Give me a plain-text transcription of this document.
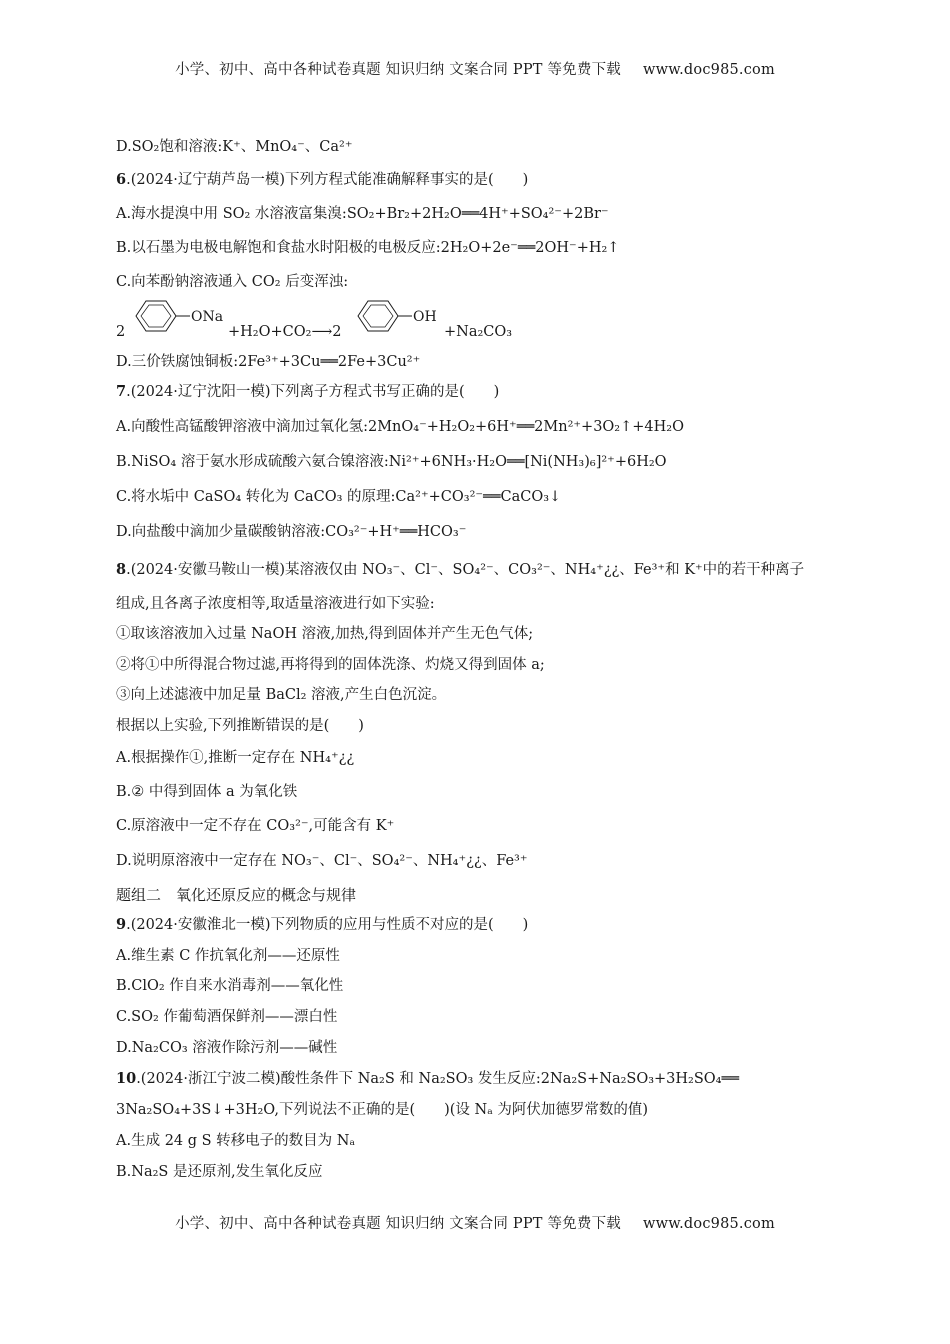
小学、初中、高中各种试卷真题 知识归纳 文案合同 PPT 等免费下载 www.doc985.com
D.SO₂饱和溶液:K⁺、MnO₄⁻、Ca²⁺
6.(2024·辽宁葫芦岛一模)下列方程式能准确解释事实的是(　　)
A.海水提溴中用 SO₂ 水溶液富集溴:SO₂+Br₂+2H₂O══4H⁺+SO₄²⁻+2Br⁻
B.以石墨为电极电解饱和食盐水时阳极的电极反应:2H₂O+2e⁻══2OH⁻+H₂↑
C.向苯酚钠溶液通入 CO₂ 后变浑浊:
2
ONa
+H₂O+CO₂⟶2
OH
+Na₂CO₃
D.三价铁腐蚀铜板:2Fe³⁺+3Cu══2Fe+3Cu²⁺
7.(2024·辽宁沈阳一模)下列离子方程式书写正确的是(　　)
A.向酸性高锰酸钾溶液中滴加过氧化氢:2MnO₄⁻+H₂O₂+6H⁺══2Mn²⁺+3O₂↑+4H₂O
B.NiSO₄ 溶于氨水形成硫酸六氨合镍溶液:Ni²⁺+6NH₃·H₂O══[Ni(NH₃)₆]²⁺+6H₂O
C.将水垢中 CaSO₄ 转化为 CaCO₃ 的原理:Ca²⁺+CO₃²⁻══CaCO₃↓
D.向盐酸中滴加少量碳酸钠溶液:CO₃²⁻+H⁺══HCO₃⁻
8.(2024·安徽马鞍山一模)某溶液仅由 NO₃⁻、Cl⁻、SO₄²⁻、CO₃²⁻、NH₄⁺¿¿、Fe³⁺和 K⁺中的若干种离子
组成,且各离子浓度相等,取适量溶液进行如下实验:
①取该溶液加入过量 NaOH 溶液,加热,得到固体并产生无色气体;
②将①中所得混合物过滤,再将得到的固体洗涤、灼烧又得到固体 a;
③向上述滤液中加足量 BaCl₂ 溶液,产生白色沉淀。
根据以上实验,下列推断错误的是(　　)
A.根据操作①,推断一定存在 NH₄⁺¿¿
B.② 中得到固体 a 为氧化铁
C.原溶液中一定不存在 CO₃²⁻,可能含有 K⁺
D.说明原溶液中一定存在 NO₃⁻、Cl⁻、SO₄²⁻、NH₄⁺¿¿、Fe³⁺
题组二　氧化还原反应的概念与规律
9.(2024·安徽淮北一模)下列物质的应用与性质不对应的是(　　)
A.维生素 C 作抗氧化剂——还原性
B.ClO₂ 作自来水消毒剂——氧化性
C.SO₂ 作葡萄酒保鲜剂——漂白性
D.Na₂CO₃ 溶液作除污剂——碱性
10.(2024·浙江宁波二模)酸性条件下 Na₂S 和 Na₂SO₃ 发生反应:2Na₂S+Na₂SO₃+3H₂SO₄══
3Na₂SO₄+3S↓+3H₂O,下列说法不正确的是(　　)(设 Nₐ 为阿伏加德罗常数的值)
A.生成 24 g S 转移电子的数目为 Nₐ
B.Na₂S 是还原剂,发生氧化反应
小学、初中、高中各种试卷真题 知识归纳 文案合同 PPT 等免费下载 www.doc985.com
